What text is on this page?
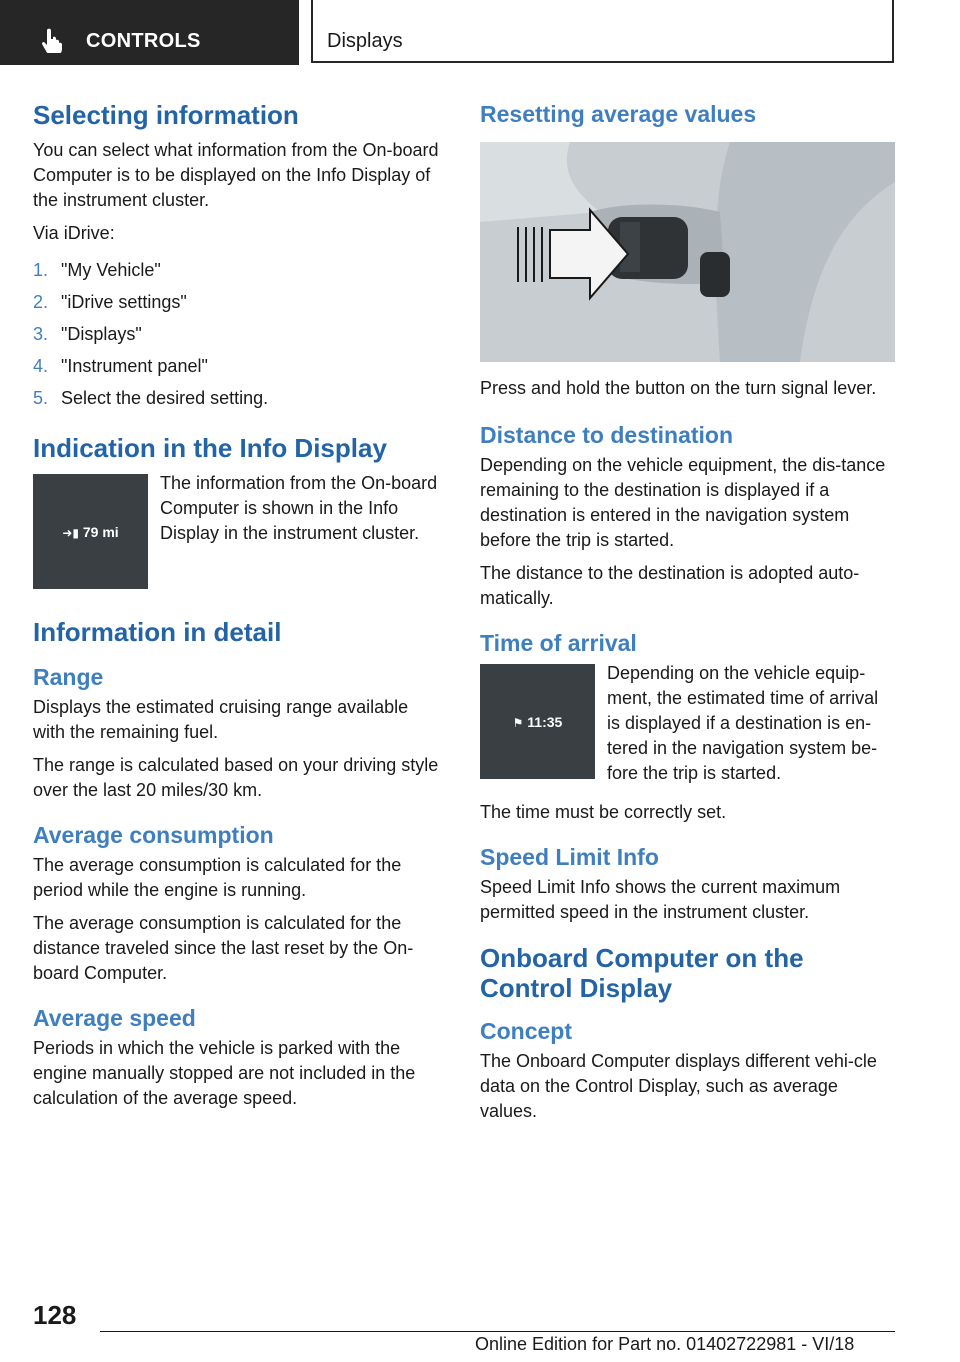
CONTROLS	Displays
Selecting information

You can select what information from the On-board Computer is to be displayed on the Info Display of the instrument cluster.

Via iDrive:

1. "My Vehicle"
2. "iDrive settings"
3. "Displays"
4. "Instrument panel"
5. Select the desired setting.
Indication in the Info Display
➜▮ 79 mi

The information from the On-board Computer is shown in the Info Display in the instrument cluster.

Information in detail
Range

Displays the estimated cruising range available with the remaining fuel.

The range is calculated based on your driving style over the last 20 miles/30 km.

Average consumption

The average consumption is calculated for the period while the engine is running.

The average consumption is calculated for the distance traveled since the last reset by the On-board Computer.

Average speed

Periods in which the vehicle is parked with the engine manually stopped are not included in the calculation of the average speed.

Resetting average values

Press and hold the button on the turn signal lever.

Distance to destination

Depending on the vehicle equipment, the dis-tance remaining to the destination is displayed if a destination is entered in the navigation system before the trip is started.

The distance to the destination is adopted auto-matically.

Time of arrival
⚑ 11:35

Depending on the vehicle equip-ment, the estimated time of arrival is displayed if a destination is en-tered in the navigation system be-fore the trip is started.

The time must be correctly set.

Speed Limit Info

Speed Limit Info shows the current maximum permitted speed in the instrument cluster.

Onboard Computer on the Control Display
Concept

The Onboard Computer displays different vehi-cle data on the Control Display, such as average values.

128
Online Edition for Part no. 01402722981 - VI/18
